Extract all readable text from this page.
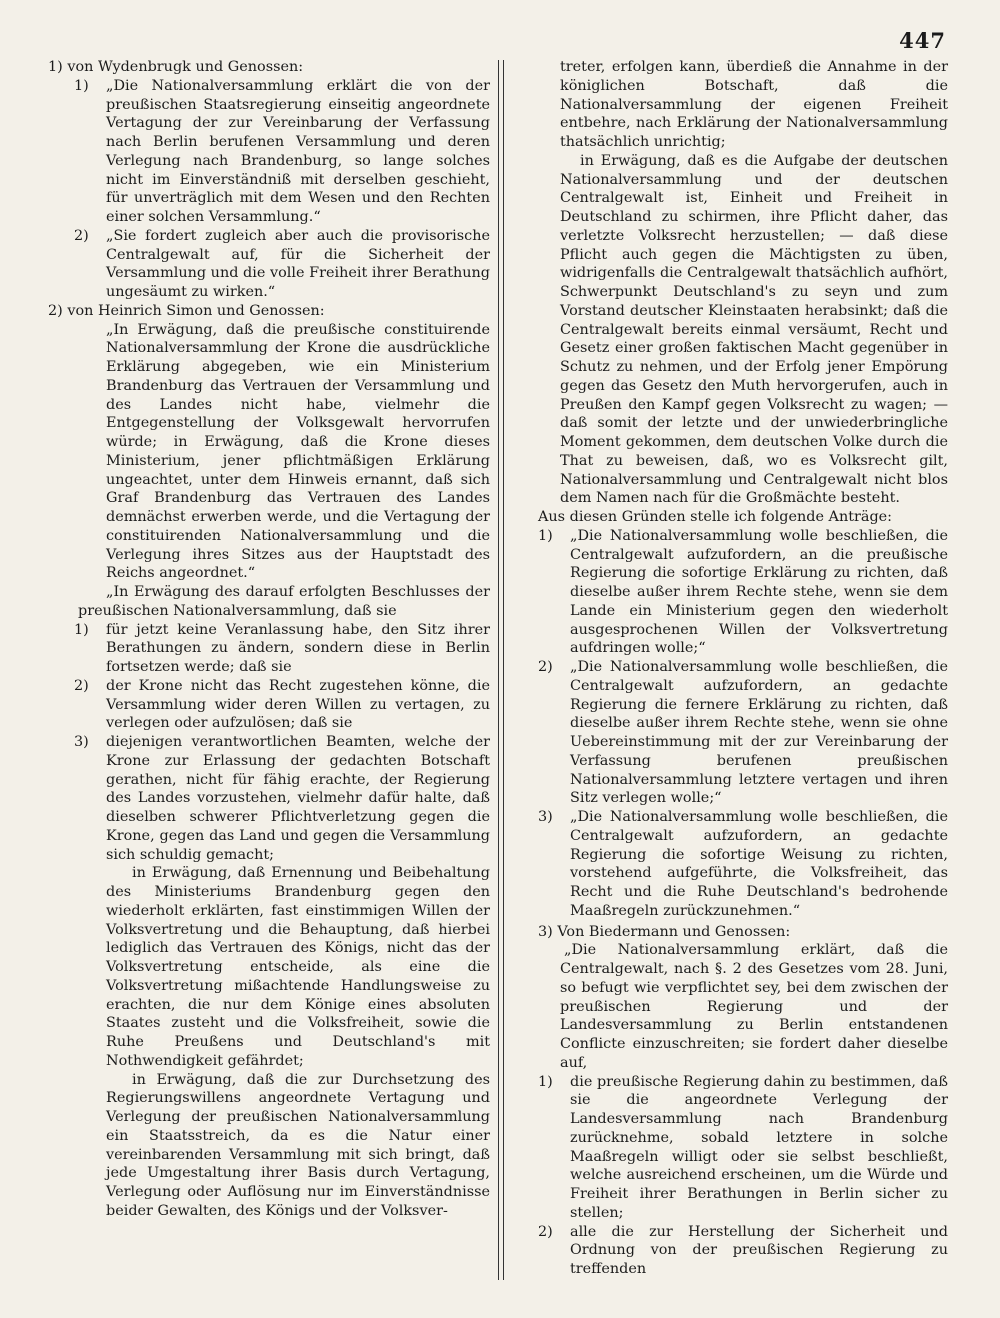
447

1) von Wydenbrugk und Genossen:

1) „Die Nationalversammlung erklärt die von der preußischen Staatsregierung einseitig angeordnete Vertagung der zur Vereinbarung der Verfassung nach Berlin berufenen Versammlung und deren Verlegung nach Brandenburg, so lange solches nicht im Einverständniß mit derselben geschieht, für unverträglich mit dem Wesen und den Rechten einer solchen Versammlung.“
2) „Sie fordert zugleich aber auch die provisorische Centralgewalt auf, für die Sicherheit der Versammlung und die volle Freiheit ihrer Berathung ungesäumt zu wirken.“

2) von Heinrich Simon und Genossen:

„In Erwägung, daß die preußische constituirende Nationalversammlung der Krone die ausdrückliche Erklärung abgegeben, wie ein Ministerium Brandenburg das Vertrauen der Versammlung und des Landes nicht habe, vielmehr die Entgegenstellung der Volksgewalt hervorrufen würde; in Erwägung, daß die Krone dieses Ministerium, jener pflichtmäßigen Erklärung ungeachtet, unter dem Hinweis ernannt, daß sich Graf Brandenburg das Vertrauen des Landes demnächst erwerben werde, und die Vertagung der constituirenden Nationalversammlung und die Verlegung ihres Sitzes aus der Hauptstadt des Reichs angeordnet.“

„In Erwägung des darauf erfolgten Beschlusses der preußischen Nationalversammlung, daß sie

1) für jetzt keine Veranlassung habe, den Sitz ihrer Berathungen zu ändern, sondern diese in Berlin fortsetzen werde; daß sie
2) der Krone nicht das Recht zugestehen könne, die Versammlung wider deren Willen zu vertagen, zu verlegen oder aufzulösen; daß sie
3) diejenigen verantwortlichen Beamten, welche der Krone zur Erlassung der gedachten Botschaft gerathen, nicht für fähig erachte, der Regierung des Landes vorzustehen, vielmehr dafür halte, daß dieselben schwerer Pflichtverletzung gegen die Krone, gegen das Land und gegen die Versammlung sich schuldig gemacht;

in Erwägung, daß Ernennung und Beibehaltung des Ministeriums Brandenburg gegen den wiederholt erklärten, fast einstimmigen Willen der Volksvertretung und die Behauptung, daß hierbei lediglich das Vertrauen des Königs, nicht das der Volksvertretung entscheide, als eine die Volksvertretung mißachtende Handlungsweise zu erachten, die nur dem Könige eines absoluten Staates zusteht und die Volksfreiheit, sowie die Ruhe Preußens und Deutschland's mit Nothwendigkeit gefährdet;

in Erwägung, daß die zur Durchsetzung des Regierungswillens angeordnete Vertagung und Verlegung der preußischen Nationalversammlung ein Staatsstreich, da es die Natur einer vereinbarenden Versammlung mit sich bringt, daß jede Umgestaltung ihrer Basis durch Vertagung, Verlegung oder Auflösung nur im Einverständnisse beider Gewalten, des Königs und der Volksver-

treter, erfolgen kann, überdieß die Annahme in der königlichen Botschaft, daß die Nationalversammlung der eigenen Freiheit entbehre, nach Erklärung der Nationalversammlung thatsächlich unrichtig;

in Erwägung, daß es die Aufgabe der deutschen Nationalversammlung und der deutschen Centralgewalt ist, Einheit und Freiheit in Deutschland zu schirmen, ihre Pflicht daher, das verletzte Volksrecht herzustellen; — daß diese Pflicht auch gegen die Mächtigsten zu üben, widrigenfalls die Centralgewalt thatsächlich aufhört, Schwerpunkt Deutschland's zu seyn und zum Vorstand deutscher Kleinstaaten herabsinkt; daß die Centralgewalt bereits einmal versäumt, Recht und Gesetz einer großen faktischen Macht gegenüber in Schutz zu nehmen, und der Erfolg jener Empörung gegen das Gesetz den Muth hervorgerufen, auch in Preußen den Kampf gegen Volksrecht zu wagen; — daß somit der letzte und der unwiederbringliche Moment gekommen, dem deutschen Volke durch die That zu beweisen, daß, wo es Volksrecht gilt, Nationalversammlung und Centralgewalt nicht blos dem Namen nach für die Großmächte besteht.

Aus diesen Gründen stelle ich folgende Anträge:

1) „Die Nationalversammlung wolle beschließen, die Centralgewalt aufzufordern, an die preußische Regierung die sofortige Erklärung zu richten, daß dieselbe außer ihrem Rechte stehe, wenn sie dem Lande ein Ministerium gegen den wiederholt ausgesprochenen Willen der Volksvertretung aufdringen wolle;“
2) „Die Nationalversammlung wolle beschließen, die Centralgewalt aufzufordern, an gedachte Regierung die fernere Erklärung zu richten, daß dieselbe außer ihrem Rechte stehe, wenn sie ohne Uebereinstimmung mit der zur Vereinbarung der Verfassung berufenen preußischen Nationalversammlung letztere vertagen und ihren Sitz verlegen wolle;“
3) „Die Nationalversammlung wolle beschließen, die Centralgewalt aufzufordern, an gedachte Regierung die sofortige Weisung zu richten, vorstehend aufgeführte, die Volksfreiheit, das Recht und die Ruhe Deutschland's bedrohende Maaßregeln zurückzunehmen.“

3) Von Biedermann und Genossen:

„Die Nationalversammlung erklärt, daß die Centralgewalt, nach §. 2 des Gesetzes vom 28. Juni, so befugt wie verpflichtet sey, bei dem zwischen der preußischen Regierung und der Landesversammlung zu Berlin entstandenen Conflicte einzuschreiten; sie fordert daher dieselbe auf,

1) die preußische Regierung dahin zu bestimmen, daß sie die angeordnete Verlegung der Landesversammlung nach Brandenburg zurücknehme, sobald letztere in solche Maaßregeln willigt oder sie selbst beschließt, welche ausreichend erscheinen, um die Würde und Freiheit ihrer Berathungen in Berlin sicher zu stellen;
2) alle die zur Herstellung der Sicherheit und Ordnung von der preußischen Regierung zu treffenden
